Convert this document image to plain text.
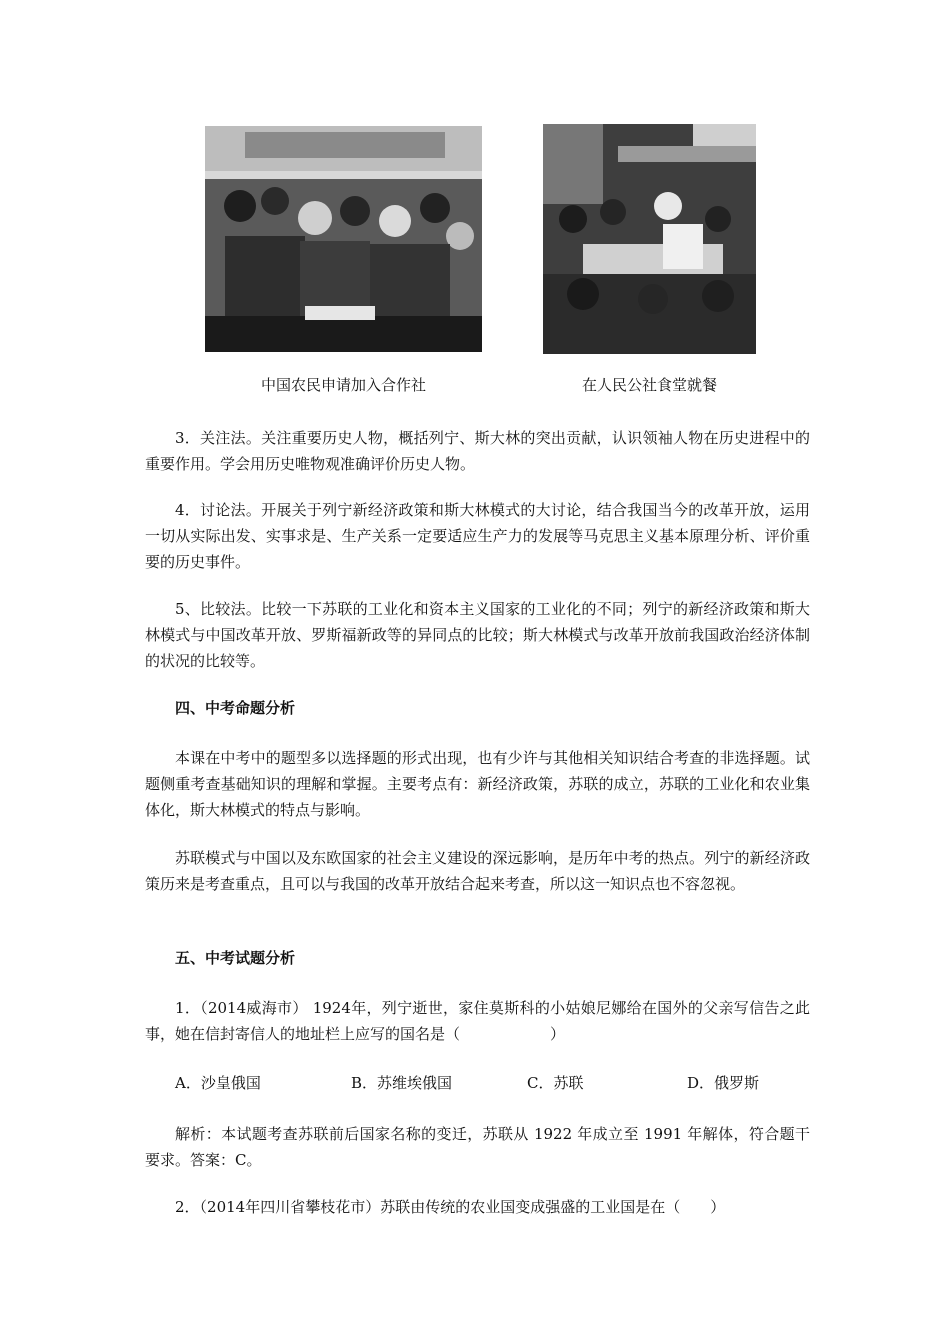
中国农民申请加入合作社	在人民公社食堂就餐

3．关注法。关注重要历史人物，概括列宁、斯大林的突出贡献，认识领袖人物在历史进程中的重要作用。学会用历史唯物观准确评价历史人物。

4．讨论法。开展关于列宁新经济政策和斯大林模式的大讨论，结合我国当今的改革开放，运用一切从实际出发、实事求是、生产关系一定要适应生产力的发展等马克思主义基本原理分析、评价重要的历史事件。

5、比较法。比较一下苏联的工业化和资本主义国家的工业化的不同；列宁的新经济政策和斯大林模式与中国改革开放、罗斯福新政等的异同点的比较；斯大林模式与改革开放前我国政治经济体制的状况的比较等。

四、中考命题分析

本课在中考中的题型多以选择题的形式出现，也有少许与其他相关知识结合考查的非选择题。试题侧重考查基础知识的理解和掌握。主要考点有：新经济政策，苏联的成立，苏联的工业化和农业集体化，斯大林模式的特点与影响。

苏联模式与中国以及东欧国家的社会主义建设的深远影响，是历年中考的热点。列宁的新经济政策历来是考查重点，且可以与我国的改革开放结合起来考查，所以这一知识点也不容忽视。

五、中考试题分析

1．（2014威海市） 1924年，列宁逝世，家住莫斯科的小姑娘尼娜给在国外的父亲写信告之此事，她在信封寄信人的地址栏上应写的国名是（　　　　　　）

A．沙皇俄国	B．苏维埃俄国	C．苏联	D．俄罗斯

解析：本试题考查苏联前后国家名称的变迁，苏联从 1922 年成立至 1991 年解体，符合题干要求。答案：C。

2．（2014年四川省攀枝花市）苏联由传统的农业国变成强盛的工业国是在（　　）
